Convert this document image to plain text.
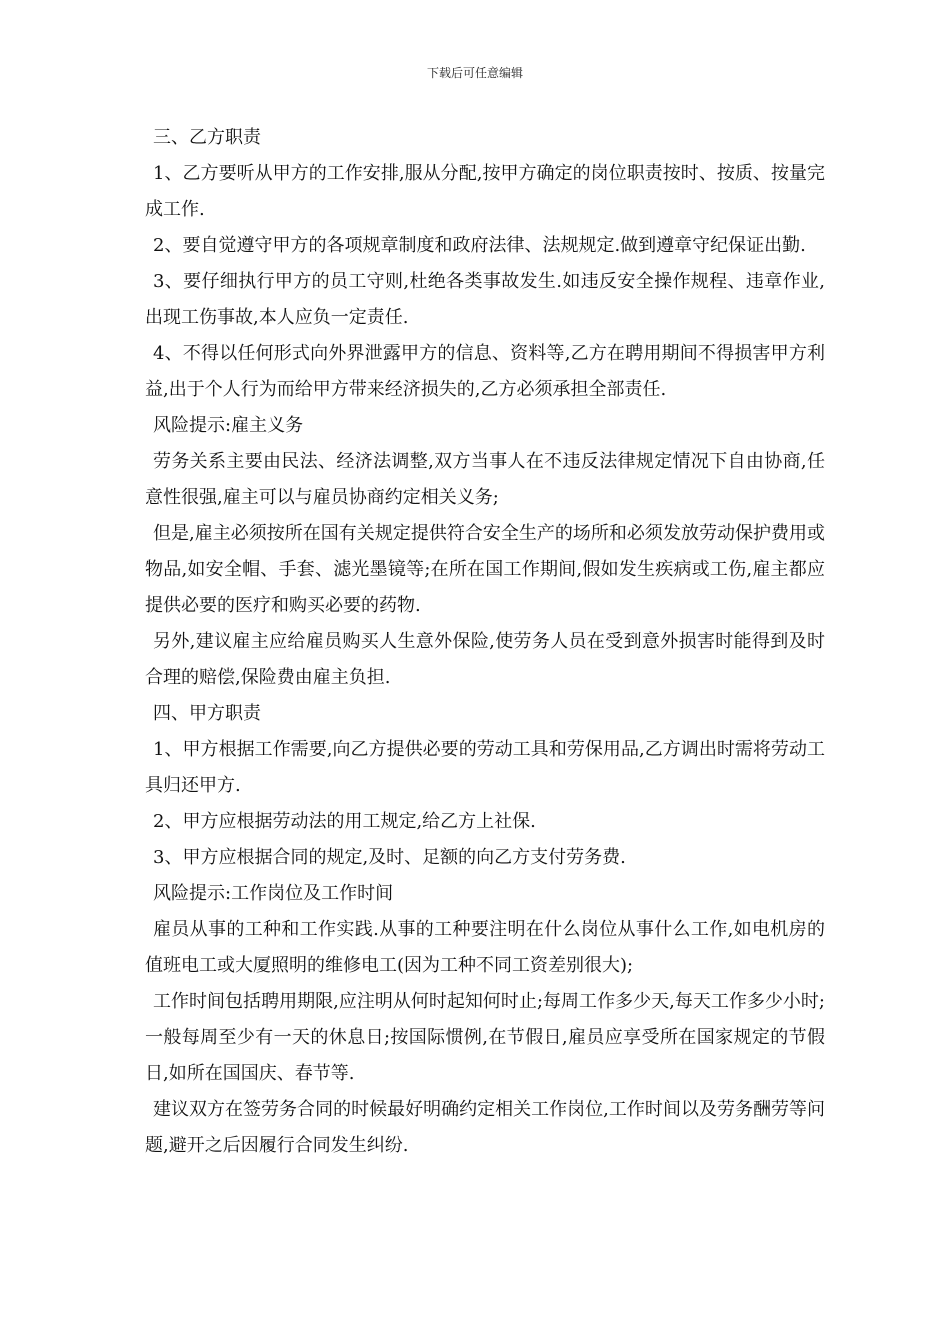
下载后可任意编辑

三、乙方职责

1、乙方要听从甲方的工作安排,服从分配,按甲方确定的岗位职责按时、按质、按量完成工作.

2、要自觉遵守甲方的各项规章制度和政府法律、法规规定.做到遵章守纪保证出勤.

3、要仔细执行甲方的员工守则,杜绝各类事故发生.如违反安全操作规程、违章作业,出现工伤事故,本人应负一定责任.

4、不得以任何形式向外界泄露甲方的信息、资料等,乙方在聘用期间不得损害甲方利益,出于个人行为而给甲方带来经济损失的,乙方必须承担全部责任.

风险提示:雇主义务

劳务关系主要由民法、经济法调整,双方当事人在不违反法律规定情况下自由协商,任意性很强,雇主可以与雇员协商约定相关义务;

但是,雇主必须按所在国有关规定提供符合安全生产的场所和必须发放劳动保护费用或物品,如安全帽、手套、滤光墨镜等;在所在国工作期间,假如发生疾病或工伤,雇主都应提供必要的医疗和购买必要的药物.

另外,建议雇主应给雇员购买人生意外保险,使劳务人员在受到意外损害时能得到及时合理的赔偿,保险费由雇主负担.

四、甲方职责

1、甲方根据工作需要,向乙方提供必要的劳动工具和劳保用品,乙方调出时需将劳动工具归还甲方.

2、甲方应根据劳动法的用工规定,给乙方上社保.

3、甲方应根据合同的规定,及时、足额的向乙方支付劳务费.

风险提示:工作岗位及工作时间

雇员从事的工种和工作实践.从事的工种要注明在什么岗位从事什么工作,如电机房的值班电工或大厦照明的维修电工(因为工种不同工资差别很大);

工作时间包括聘用期限,应注明从何时起知何时止;每周工作多少天,每天工作多少小时;一般每周至少有一天的休息日;按国际惯例,在节假日,雇员应享受所在国家规定的节假日,如所在国国庆、春节等.

建议双方在签劳务合同的时候最好明确约定相关工作岗位,工作时间以及劳务酬劳等问题,避开之后因履行合同发生纠纷.
